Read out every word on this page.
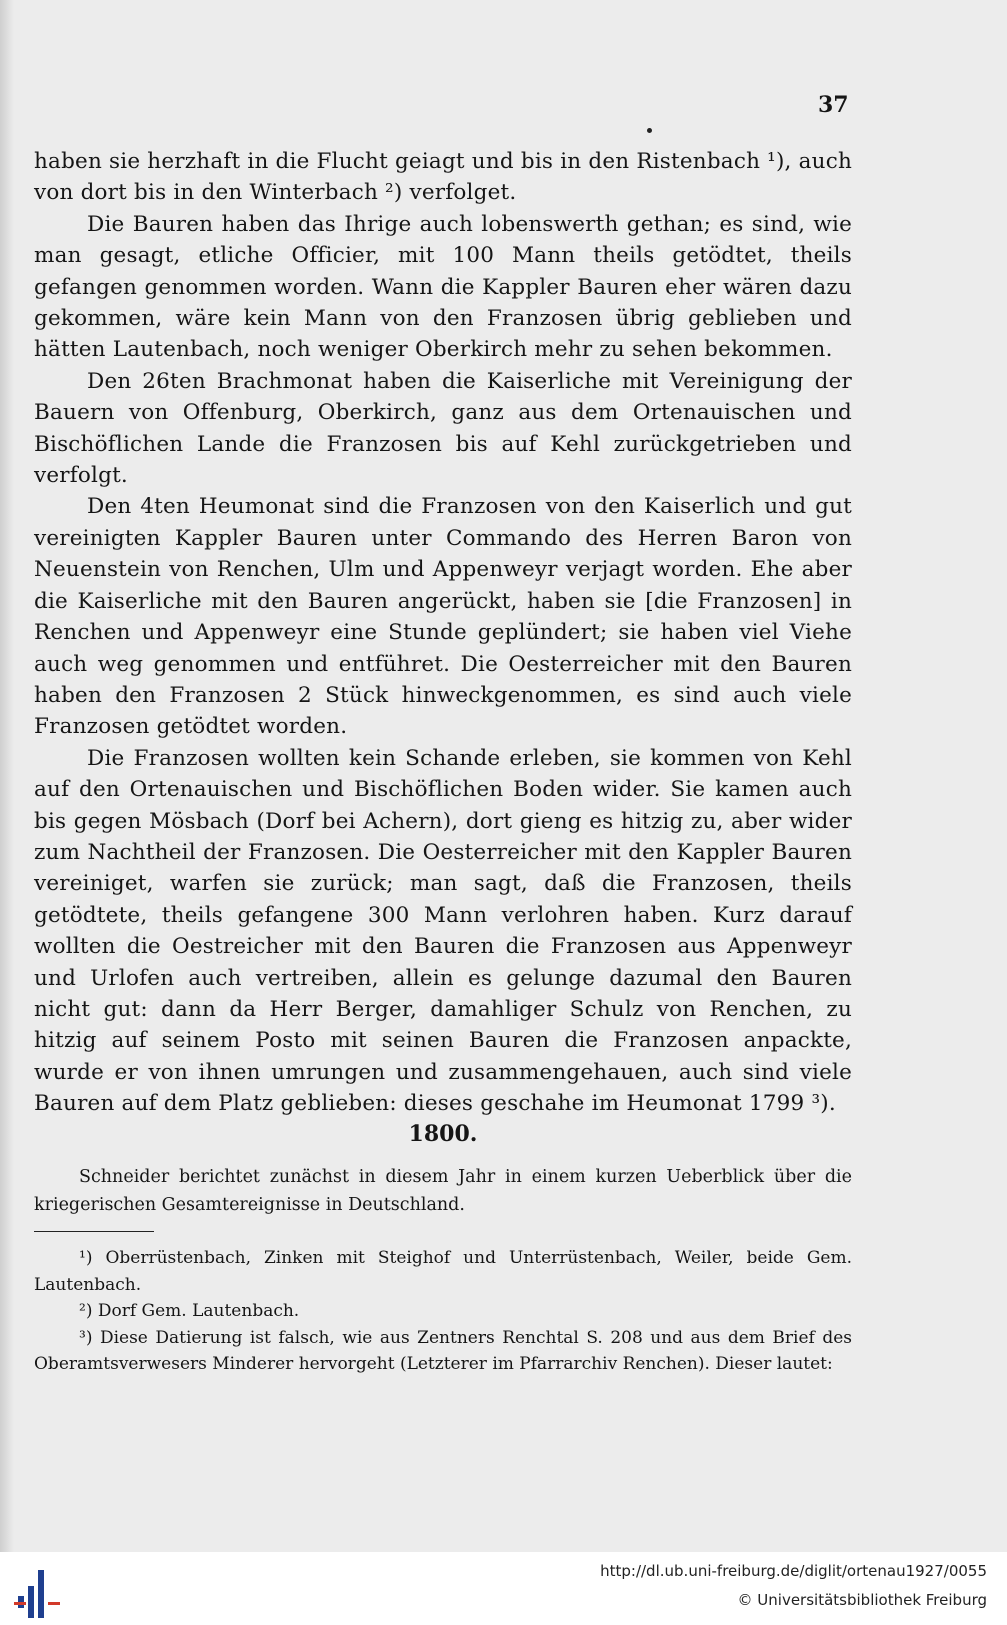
37

haben sie herzhaft in die Flucht geiagt und bis in den Ristenbach ¹), auch von dort bis in den Winterbach ²) verfolget.

Die Bauren haben das Ihrige auch lobenswerth gethan; es sind, wie man gesagt, etliche Officier, mit 100 Mann theils getödtet, theils gefangen genommen worden. Wann die Kappler Bauren eher wären dazu gekommen, wäre kein Mann von den Franzosen übrig geblieben und hätten Lautenbach, noch weniger Oberkirch mehr zu sehen bekommen.

Den 26ten Brachmonat haben die Kaiserliche mit Vereinigung der Bauern von Offenburg, Oberkirch, ganz aus dem Ortenauischen und Bischöflichen Lande die Franzosen bis auf Kehl zurückgetrieben und verfolgt.

Den 4ten Heumonat sind die Franzosen von den Kaiserlich und gut vereinigten Kappler Bauren unter Commando des Herren Baron von Neuenstein von Renchen, Ulm und Appenweyr verjagt worden. Ehe aber die Kaiserliche mit den Bauren angerückt, haben sie [die Franzosen] in Renchen und Appenweyr eine Stunde geplündert; sie haben viel Viehe auch weg genommen und entführet. Die Oesterreicher mit den Bauren haben den Franzosen 2 Stück hinweckgenommen, es sind auch viele Franzosen getödtet worden.

Die Franzosen wollten kein Schande erleben, sie kommen von Kehl auf den Ortenauischen und Bischöflichen Boden wider. Sie kamen auch bis gegen Mösbach (Dorf bei Achern), dort gieng es hitzig zu, aber wider zum Nachtheil der Franzosen. Die Oesterreicher mit den Kappler Bauren vereiniget, warfen sie zurück; man sagt, daß die Franzosen, theils getödtete, theils gefangene 300 Mann verlohren haben. Kurz darauf wollten die Oestreicher mit den Bauren die Franzosen aus Appenweyr und Urlofen auch vertreiben, allein es gelunge dazumal den Bauren nicht gut: dann da Herr Berger, damahliger Schulz von Renchen, zu hitzig auf seinem Posto mit seinen Bauren die Franzosen anpackte, wurde er von ihnen umrungen und zusammengehauen, auch sind viele Bauren auf dem Platz geblieben: dieses geschahe im Heumonat 1799 ³).

1800.
Schneider berichtet zunächst in diesem Jahr in einem kurzen Ueberblick über die kriegerischen Gesamtereignisse in Deutschland.

¹) Oberrüstenbach, Zinken mit Steighof und Unterrüstenbach, Weiler, beide Gem. Lautenbach.

²) Dorf Gem. Lautenbach.

³) Diese Datierung ist falsch, wie aus Zentners Renchtal S. 208 und aus dem Brief des Oberamtsverwesers Minderer hervorgeht (Letzterer im Pfarrarchiv Renchen). Dieser lautet:

http://dl.ub.uni-freiburg.de/diglit/ortenau1927/0055
© Universitätsbibliothek Freiburg
